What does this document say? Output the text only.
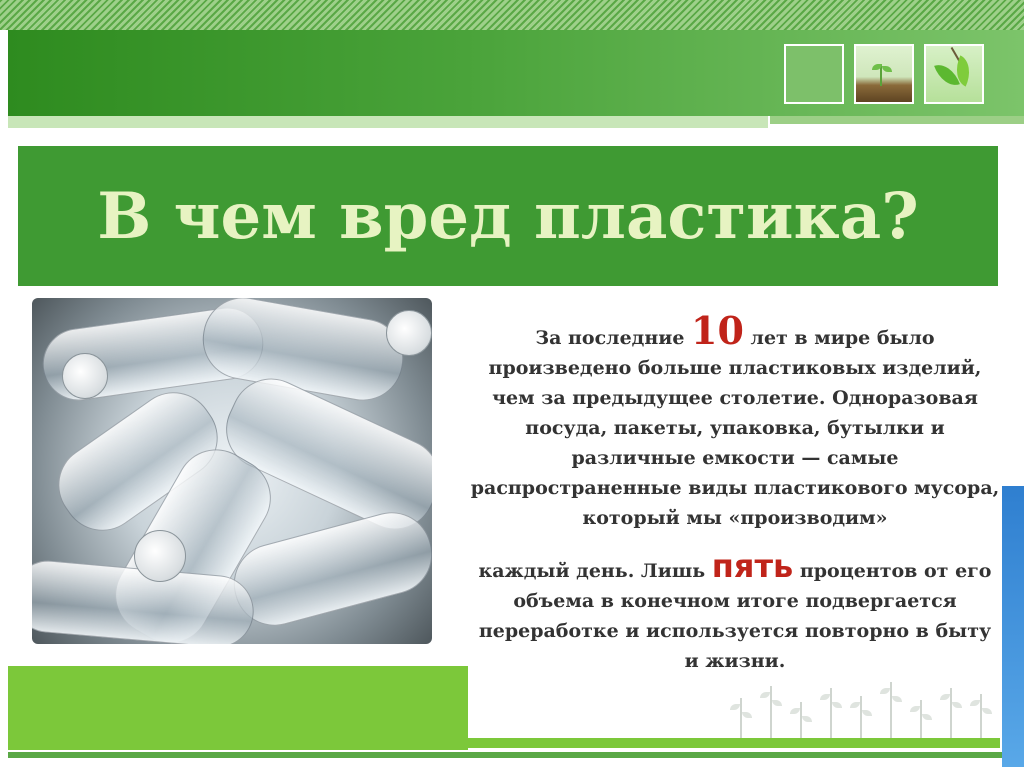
В чем вред пластика?
За последние 10 лет в мире было произведено больше пластиковых изделий, чем за предыдущее столетие. Одноразовая посуда, пакеты, упаковка, бутылки и различные емкости — самые распространенные виды пластикового мусора, который мы «производим»
каждый день. Лишь пять процентов от его объема в конечном итоге подвергается переработке и используется повторно в быту и жизни.
